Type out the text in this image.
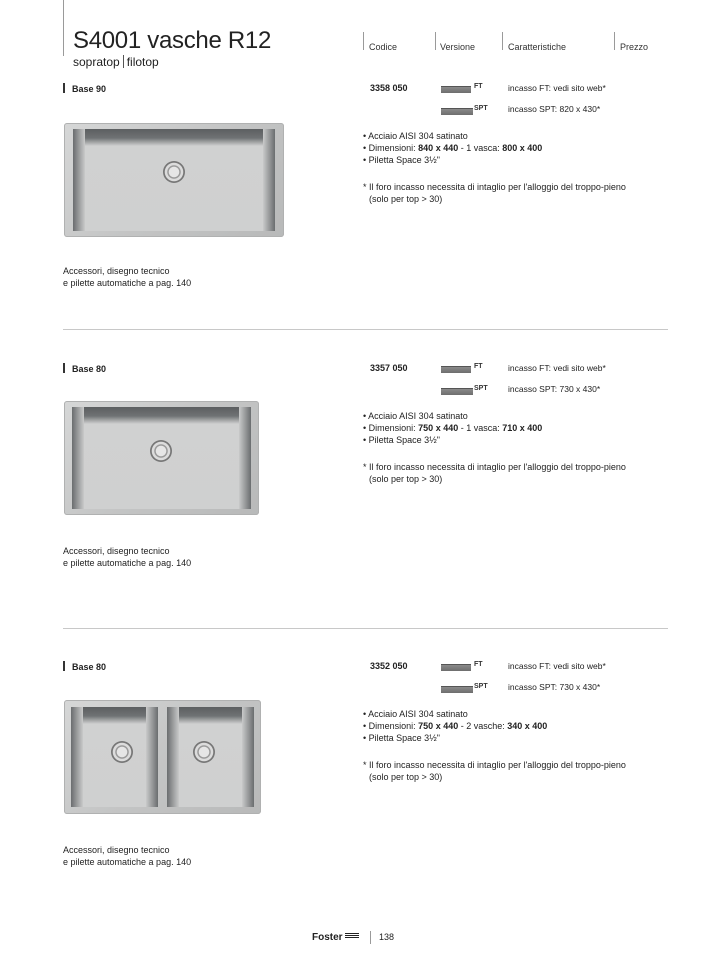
S4001 vasche R12
sopratop filotop
Codice	Versione	Caratteristiche	Prezzo
Base 90	3358 050	FT	incasso FT: vedi sito web*
SPT incasso SPT: 820 x 430*
• Acciaio AISI 304 satinato
• Dimensioni: 840 x 440 - 1 vasca: 800 x 400
• Piletta Space 3½"
* Il foro incasso necessita di intaglio per l'alloggio del troppo-pieno
(solo per top > 30)
Accessori, disegno tecnico
e pilette automatiche a pag. 140
Base 80	3357 050	FT	incasso FT: vedi sito web*
SPT incasso SPT: 730 x 430*
• Acciaio AISI 304 satinato
• Dimensioni: 750 x 440 - 1 vasca: 710 x 400
• Piletta Space 3½"
* Il foro incasso necessita di intaglio per l'alloggio del troppo-pieno
(solo per top > 30)
Accessori, disegno tecnico
e pilette automatiche a pag. 140
Base 80	3352 050	FT	incasso FT: vedi sito web*
SPT incasso SPT: 730 x 430*
• Acciaio AISI 304 satinato
• Dimensioni: 750 x 440 - 2 vasche: 340 x 400
• Piletta Space 3½"
* Il foro incasso necessita di intaglio per l'alloggio del troppo-pieno
(solo per top > 30)
Accessori, disegno tecnico
e pilette automatiche a pag. 140
Foster	138
